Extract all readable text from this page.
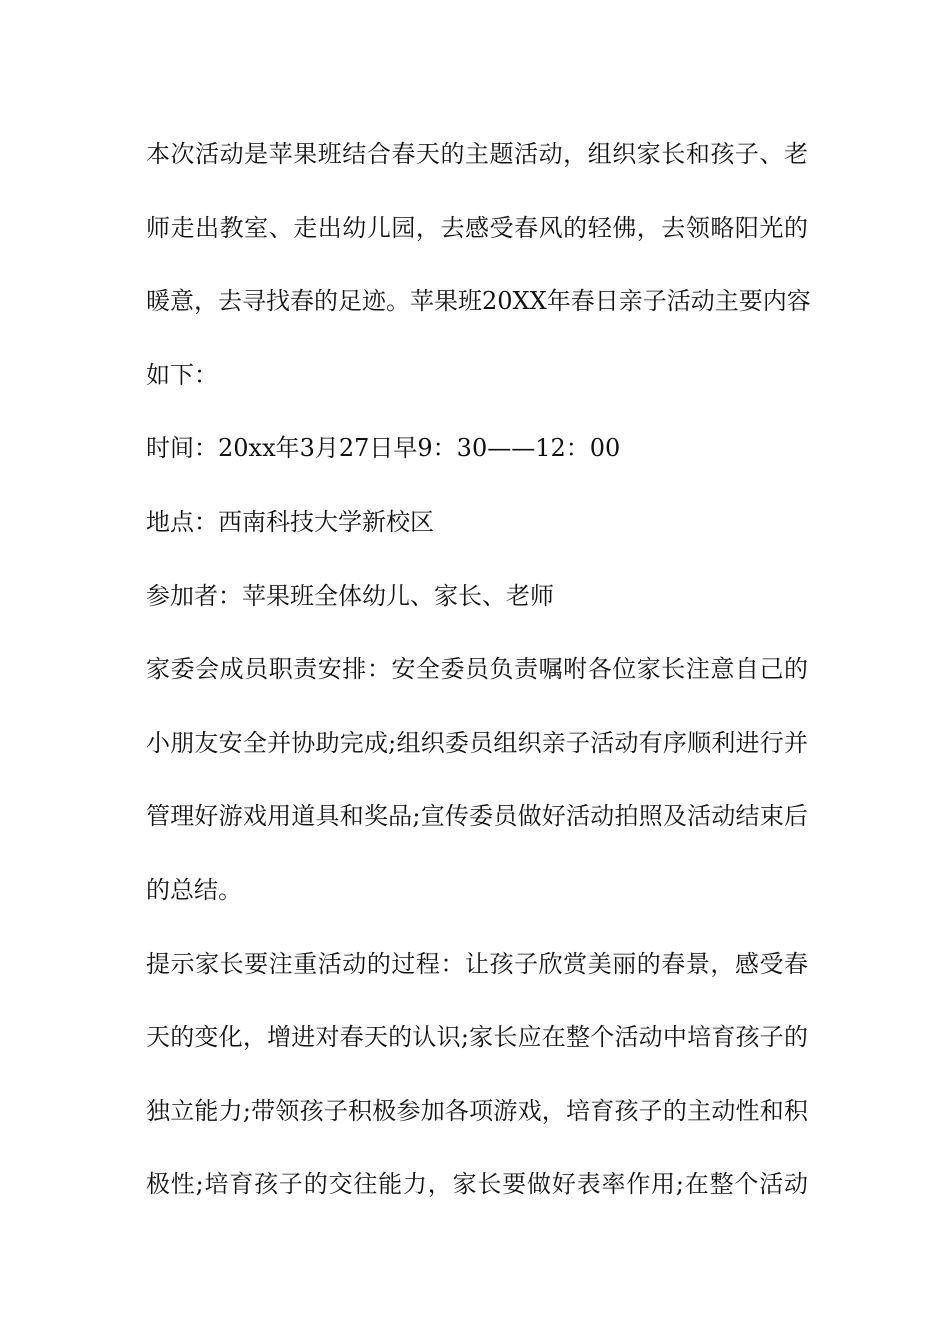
本次活动是苹果班结合春天的主题活动，组织家长和孩子、老
师走出教室、走出幼儿园，去感受春风的轻佛，去领略阳光的
暖意，去寻找春的足迹。苹果班20XX年春日亲子活动主要内容
如下：
时间：20xx年3月27日早9：30——12：00
地点：西南科技大学新校区
参加者：苹果班全体幼儿、家长、老师
家委会成员职责安排：安全委员负责嘱咐各位家长注意自己的
小朋友安全并协助完成;组织委员组织亲子活动有序顺利进行并
管理好游戏用道具和奖品;宣传委员做好活动拍照及活动结束后
的总结。
提示家长要注重活动的过程：让孩子欣赏美丽的春景，感受春
天的变化，增进对春天的认识;家长应在整个活动中培育孩子的
独立能力;带领孩子积极参加各项游戏，培育孩子的主动性和积
极性;培育孩子的交往能力，家长要做好表率作用;在整个活动
